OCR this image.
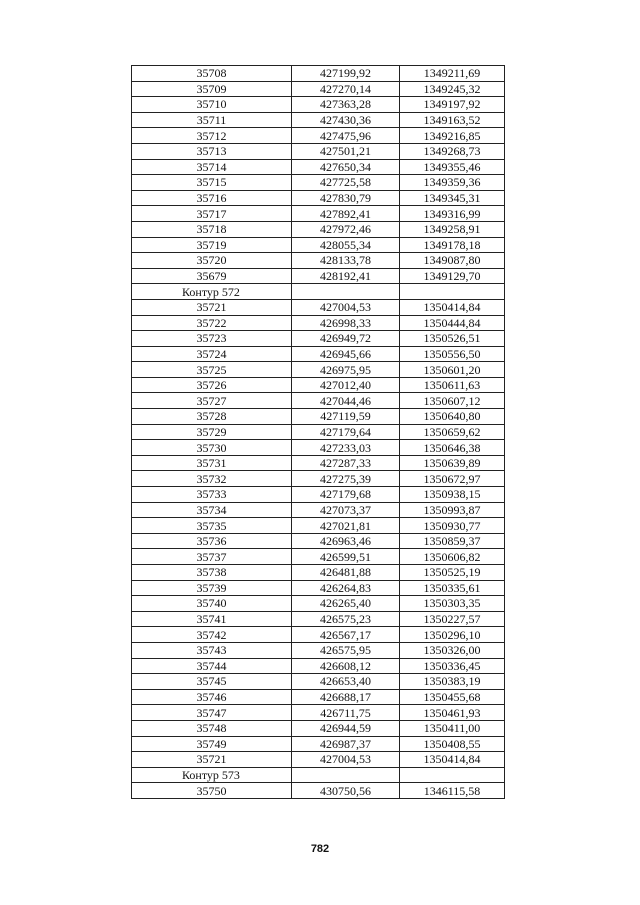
35708	427199,92	1349211,69
35709	427270,14	1349245,32
35710	427363,28	1349197,92
35711	427430,36	1349163,52
35712	427475,96	1349216,85
35713	427501,21	1349268,73
35714	427650,34	1349355,46
35715	427725,58	1349359,36
35716	427830,79	1349345,31
35717	427892,41	1349316,99
35718	427972,46	1349258,91
35719	428055,34	1349178,18
35720	428133,78	1349087,80
35679	428192,41	1349129,70
Контур 572		
35721	427004,53	1350414,84
35722	426998,33	1350444,84
35723	426949,72	1350526,51
35724	426945,66	1350556,50
35725	426975,95	1350601,20
35726	427012,40	1350611,63
35727	427044,46	1350607,12
35728	427119,59	1350640,80
35729	427179,64	1350659,62
35730	427233,03	1350646,38
35731	427287,33	1350639,89
35732	427275,39	1350672,97
35733	427179,68	1350938,15
35734	427073,37	1350993,87
35735	427021,81	1350930,77
35736	426963,46	1350859,37
35737	426599,51	1350606,82
35738	426481,88	1350525,19
35739	426264,83	1350335,61
35740	426265,40	1350303,35
35741	426575,23	1350227,57
35742	426567,17	1350296,10
35743	426575,95	1350326,00
35744	426608,12	1350336,45
35745	426653,40	1350383,19
35746	426688,17	1350455,68
35747	426711,75	1350461,93
35748	426944,59	1350411,00
35749	426987,37	1350408,55
35721	427004,53	1350414,84
Контур 573		
35750	430750,56	1346115,58
782
